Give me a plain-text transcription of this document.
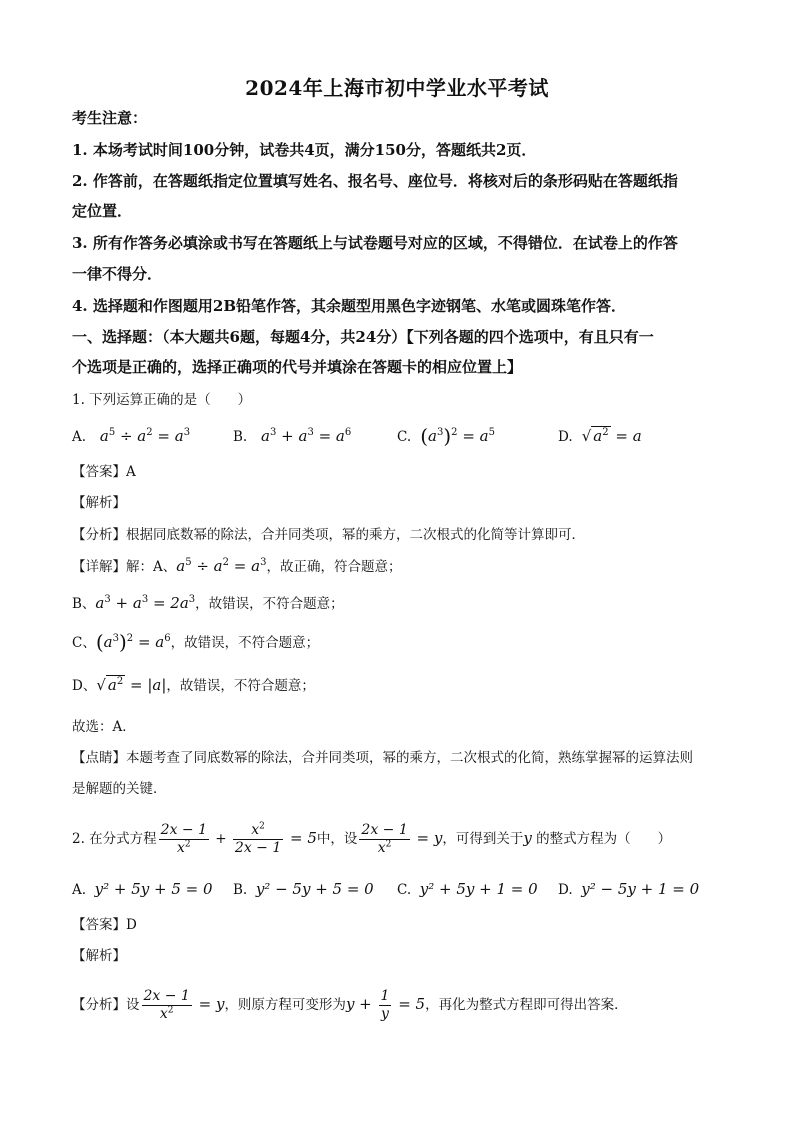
2024年上海市初中学业水平考试
考生注意：
1. 本场考试时间100分钟，试卷共4页，满分150分，答题纸共2页．
2. 作答前，在答题纸指定位置填写姓名、报名号、座位号．将核对后的条形码贴在答题纸指
定位置．
3. 所有作答务必填涂或书写在答题纸上与试卷题号对应的区域，不得错位．在试卷上的作答
一律不得分．
4. 选择题和作图题用2B铅笔作答，其余题型用黑色字迹钢笔、水笔或圆珠笔作答．
一、选择题：（本大题共6题，每题4分，共24分）【下列各题的四个选项中，有且只有一
个选项是正确的，选择正确项的代号并填涂在答题卡的相应位置上】
1. 下列运算正确的是（　　）
A.   $a^5 \div a^2 = a^3$	B.   $a^3 + a^3 = a^6$	C. $(a^3)^2 = a^5$	D. √ $a^2 = a$
【答案】A
【解析】
【分析】根据同底数幂的除法，合并同类项，幂的乘方，二次根式的化简等计算即可．
【详解】解：A、$a^5 \div a^2 = a^3$，故正确，符合题意；
B、$a^3 + a^3 = 2a^3$，故错误，不符合题意；
C、$(a^3)^2 = a^6$，故错误，不符合题意；
D、√ $a^2 = |a|$，故错误，不符合题意；
故选：A．
【点睛】本题考查了同底数幂的除法，合并同类项，幂的乘方，二次根式的化简，熟练掌握幂的运算法则
是解题的关键．
2. 在分式方程 $\frac{2x - 1}{x^2} + \frac{x^2}{2x - 1} = 5$中，设 $\frac{2x - 1}{x^2} = y$，可得到关于y 的整式方程为（　　）
A. y² + 5y + 5 = 0 B. y² − 5y + 5 = 0 C. y² + 5y + 1 = 0 D. y² − 5y + 1 = 0
【答案】D
【解析】
【分析】设 $\frac{2x - 1}{x^2} = y$，则原方程可变形为$y + \frac{1}{y} = 5$，再化为整式方程即可得出答案．
